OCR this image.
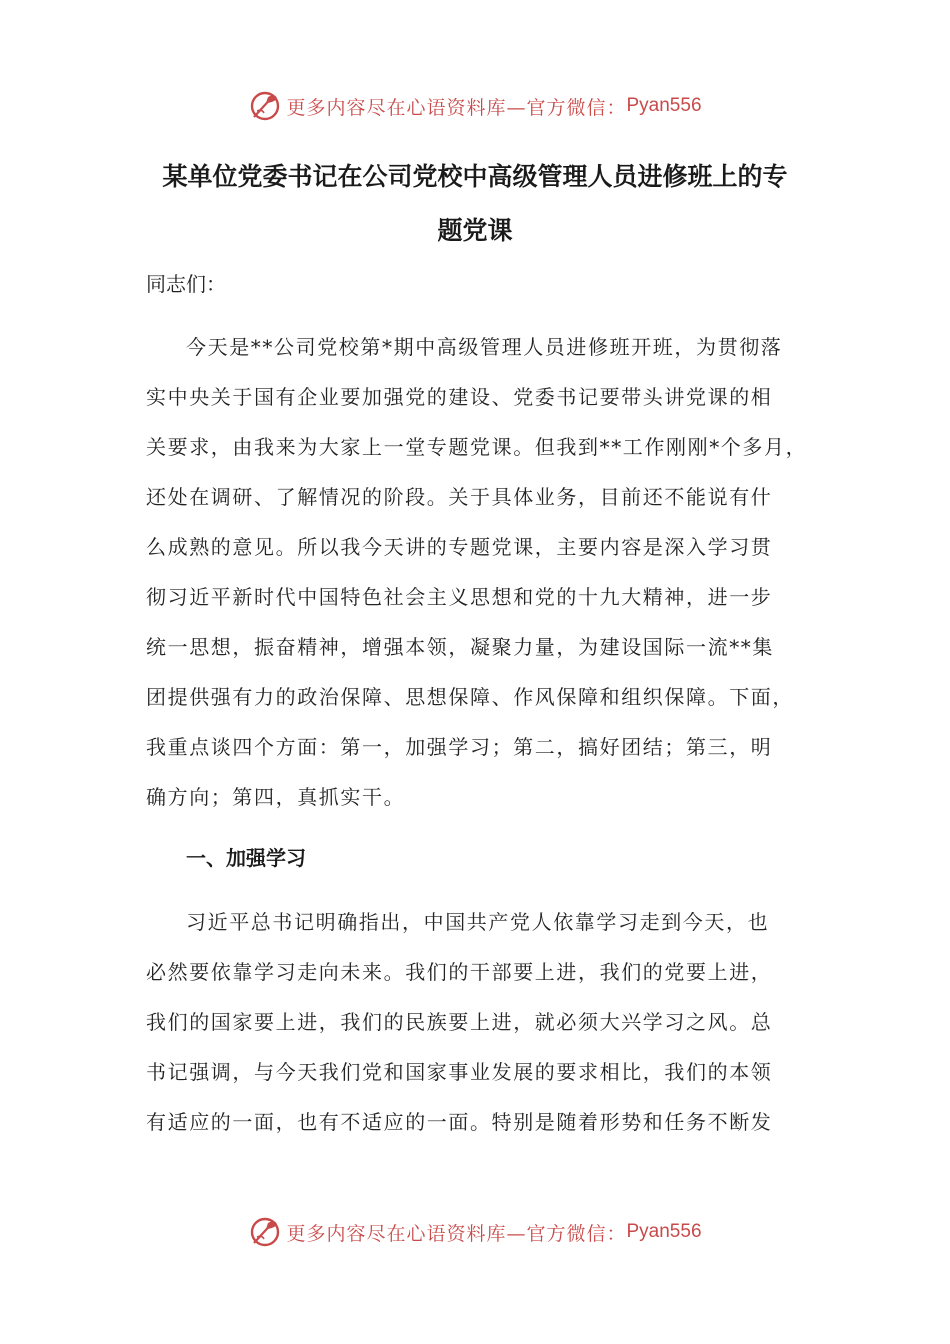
更多内容尽在心语资料库—官方微信： Pyan556
某单位党委书记在公司党校中高级管理人员进修班上的专
题党课
同志们：
今天是**公司党校第*期中高级管理人员进修班开班，为贯彻落
实中央关于国有企业要加强党的建设、党委书记要带头讲党课的相
关要求，由我来为大家上一堂专题党课。但我到**工作刚刚*个多月，
还处在调研、了解情况的阶段。关于具体业务，目前还不能说有什
么成熟的意见。所以我今天讲的专题党课，主要内容是深入学习贯
彻习近平新时代中国特色社会主义思想和党的十九大精神，进一步
统一思想，振奋精神，增强本领，凝聚力量，为建设国际一流**集
团提供强有力的政治保障、思想保障、作风保障和组织保障。下面，
我重点谈四个方面：第一，加强学习；第二，搞好团结；第三，明
确方向；第四，真抓实干。
一、加强学习
习近平总书记明确指出，中国共产党人依靠学习走到今天，也
必然要依靠学习走向未来。我们的干部要上进，我们的党要上进，
我们的国家要上进，我们的民族要上进，就必须大兴学习之风。总
书记强调，与今天我们党和国家事业发展的要求相比，我们的本领
有适应的一面，也有不适应的一面。特别是随着形势和任务不断发
更多内容尽在心语资料库—官方微信： Pyan556
